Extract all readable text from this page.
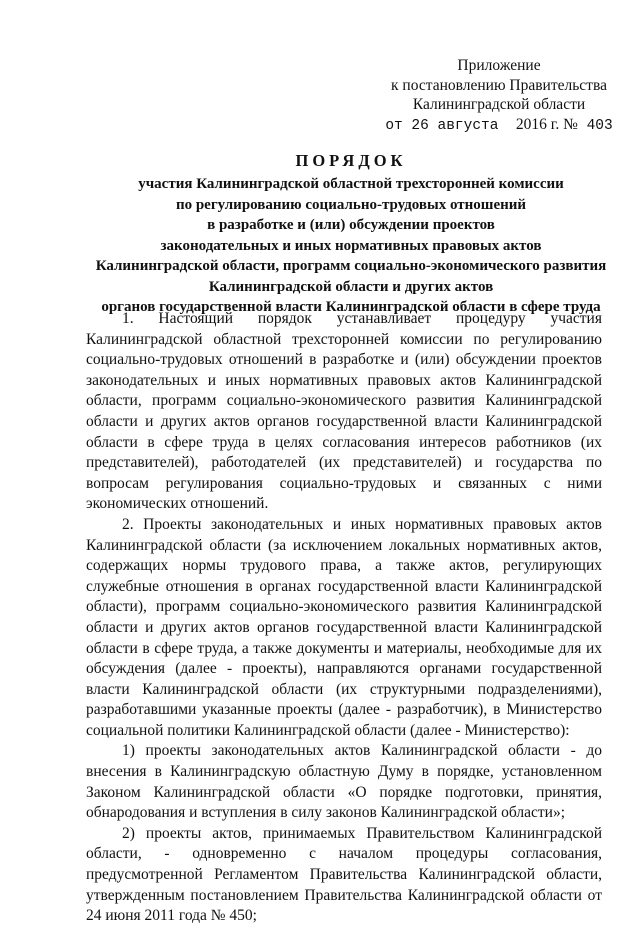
Приложение
к постановлению Правительства
Калининградской области
от 26 августа 2016 г. № 403
ПОРЯДОК
участия Калининградской областной трехсторонней комиссии
по регулированию социально-трудовых отношений
в разработке и (или) обсуждении проектов
законодательных и иных нормативных правовых актов
Калининградской области, программ социально-экономического развития
Калининградской области и других актов
органов государственной власти Калининградской области в сфере труда

1. Настоящий порядок устанавливает процедуру участия Калининградской областной трехсторонней комиссии по регулированию социально-трудовых отношений в разработке и (или) обсуждении проектов законодательных и иных нормативных правовых актов Калининградской области, программ социально-экономического развития Калининградской области и других актов органов государственной власти Калининградской области в сфере труда в целях согласования интересов работников (их представителей), работодателей (их представителей) и государства по вопросам регулирования социально-трудовых и связанных с ними экономических отношений.

2. Проекты законодательных и иных нормативных правовых актов Калининградской области (за исключением локальных нормативных актов, содержащих нормы трудового права, а также актов, регулирующих служебные отношения в органах государственной власти Калининградской области), программ социально-экономического развития Калининградской области и других актов органов государственной власти Калининградской области в сфере труда, а также документы и материалы, необходимые для их обсуждения (далее - проекты), направляются органами государственной власти Калининградской области (их структурными подразделениями), разработавшими указанные проекты (далее - разработчик), в Министерство социальной политики Калининградской области (далее - Министерство):

1) проекты законодательных актов Калининградской области - до внесения в Калининградскую областную Думу в порядке, установленном Законом Калининградской области «О порядке подготовки, принятия, обнародования и вступления в силу законов Калининградской области»;

2) проекты актов, принимаемых Правительством Калининградской области, - одновременно с началом процедуры согласования, предусмотренной Регламентом Правительства Калининградской области, утвержденным постановлением Правительства Калининградской области от 24 июня 2011 года № 450;
